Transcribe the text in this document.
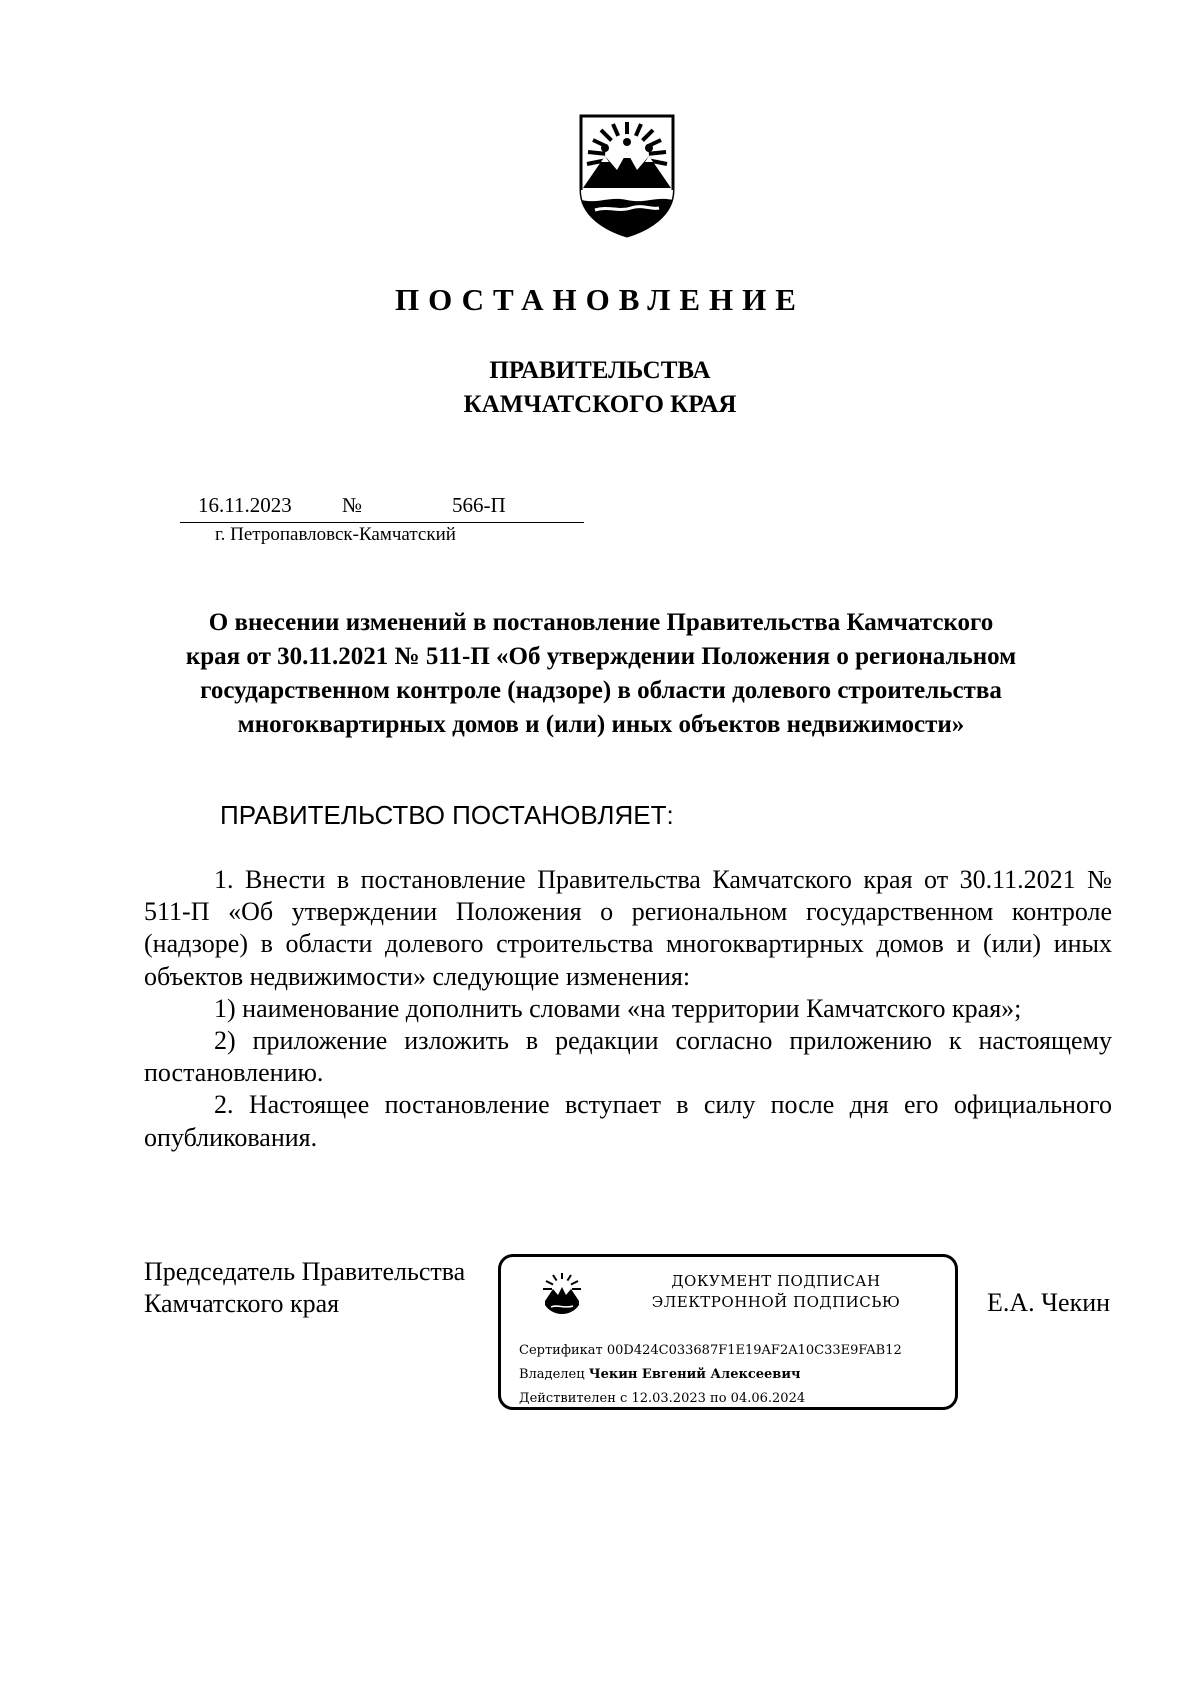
ПОСТАНОВЛЕНИЕ
ПРАВИТЕЛЬСТВА
КАМЧАТСКОГО КРАЯ
16.11.2023 №	566-П
г. Петропавловск-Камчатский
О внесении изменений в постановление Правительства Камчатского
края от 30.11.2021 № 511-П «Об утверждении Положения о региональном
государственном контроле (надзоре) в области долевого строительства
многоквартирных домов и (или) иных объектов недвижимости»
ПРАВИТЕЛЬСТВО ПОСТАНОВЛЯЕТ:

1. Внести в постановление Правительства Камчатского края от 30.11.2021 № 511-П «Об утверждении Положения о региональном государственном контроле (надзоре) в области долевого строительства многоквартирных домов и (или) иных объектов недвижимости» следующие изменения:

1) наименование дополнить словами «на территории Камчатского края»;

2) приложение изложить в редакции согласно приложению к настоящему постановлению.

2. Настоящее постановление вступает в силу после дня его официального опубликования.

Председатель Правительства
Камчатского края	Е.А. Чекин
ДОКУМЕНТ ПОДПИСАН
ЭЛЕКТРОННОЙ ПОДПИСЬЮ
Сертификат 00D424C033687F1E19AF2A10C33E9FAB12
Владелец Чекин Евгений Алексеевич
Действителен с 12.03.2023 по 04.06.2024
